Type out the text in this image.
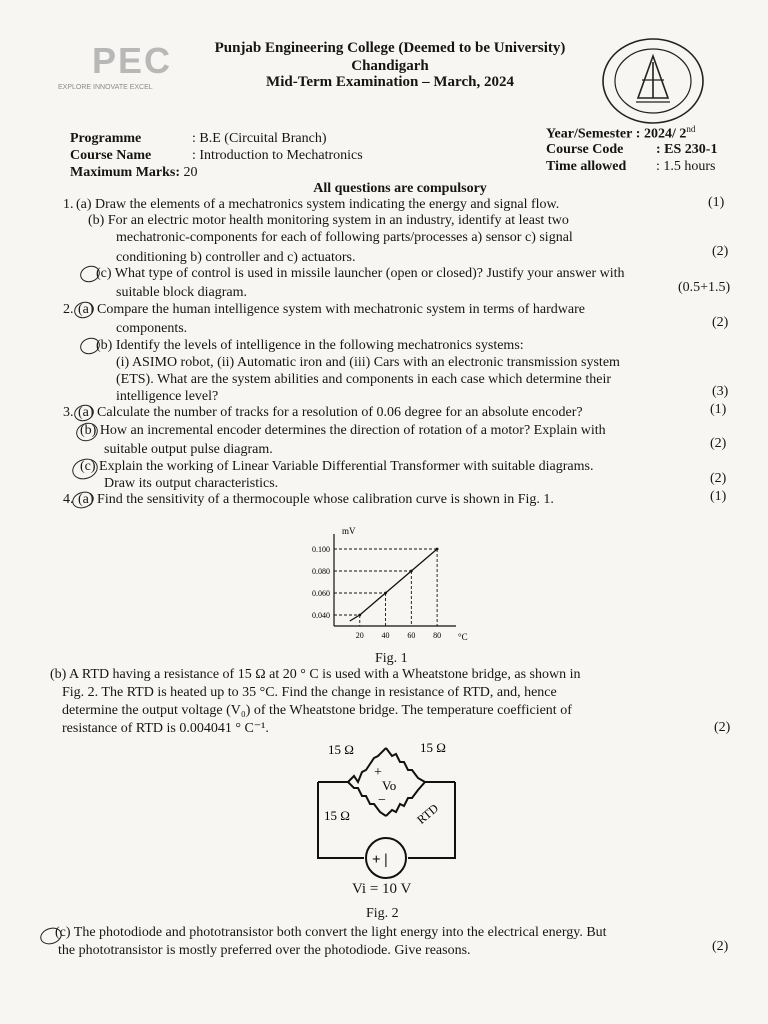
PEC
EXPLORE INNOVATE EXCEL
Punjab Engineering College (Deemed to be University)
Chandigarh
Mid-Term Examination – March, 2024
Programme	: B.E (Circuital Branch)
Course Name	: Introduction to Mechatronics
Maximum Marks: 20
Year/Semester : 2024/ 2nd
Course Code : ES 230-1
Time allowed : 1.5 hours
All questions are compulsory
1. (a) Draw the elements of a mechatronics system indicating the energy and signal flow.	(1)
(b) For an electric motor health monitoring system in an industry, identify at least two
mechatronic-components for each of following parts/processes a) sensor c) signal
conditioning b) controller and c) actuators.	(2)
(c) What type of control is used in missile launcher (open or closed)? Justify your answer with
suitable block diagram.	(0.5+1.5)
2. (a) Compare the human intelligence system with mechatronic system in terms of hardware
components.	(2)
(b) Identify the levels of intelligence in the following mechatronics systems:
(i) ASIMO robot, (ii) Automatic iron and (iii) Cars with an electronic transmission system
(ETS). What are the system abilities and components in each case which determine their
intelligence level?	(3)
3. (a) Calculate the number of tracks for a resolution of 0.06 degree for an absolute encoder?	(1)
(b) How an incremental encoder determines the direction of rotation of a motor? Explain with
suitable output pulse diagram.	(2)
(c) Explain the working of Linear Variable Differential Transformer with suitable diagrams.
Draw its output characteristics.	(2)
4. (a) Find the sensitivity of a thermocouple whose calibration curve is shown in Fig. 1.	(1)
mV
0.100
0.080
0.060
0.040
20 40 60 80 °C
Fig. 1
(b) A RTD having a resistance of 15 Ω at 20 ° C is used with a Wheatstone bridge, as shown in
Fig. 2. The RTD is heated up to 35 °C. Find the change in resistance of RTD, and, hence
determine the output voltage (V₀) of the Wheatstone bridge. The temperature coefficient of
resistance of RTD is 0.004041 ° C⁻¹.	(2)
+ |
15 Ω	15 Ω
15 Ω	RTD
+
Vo
−
Vi = 10 V
Fig. 2
(c) The photodiode and phototransistor both convert the light energy into the electrical energy. But
the phototransistor is mostly preferred over the photodiode. Give reasons.	(2)
